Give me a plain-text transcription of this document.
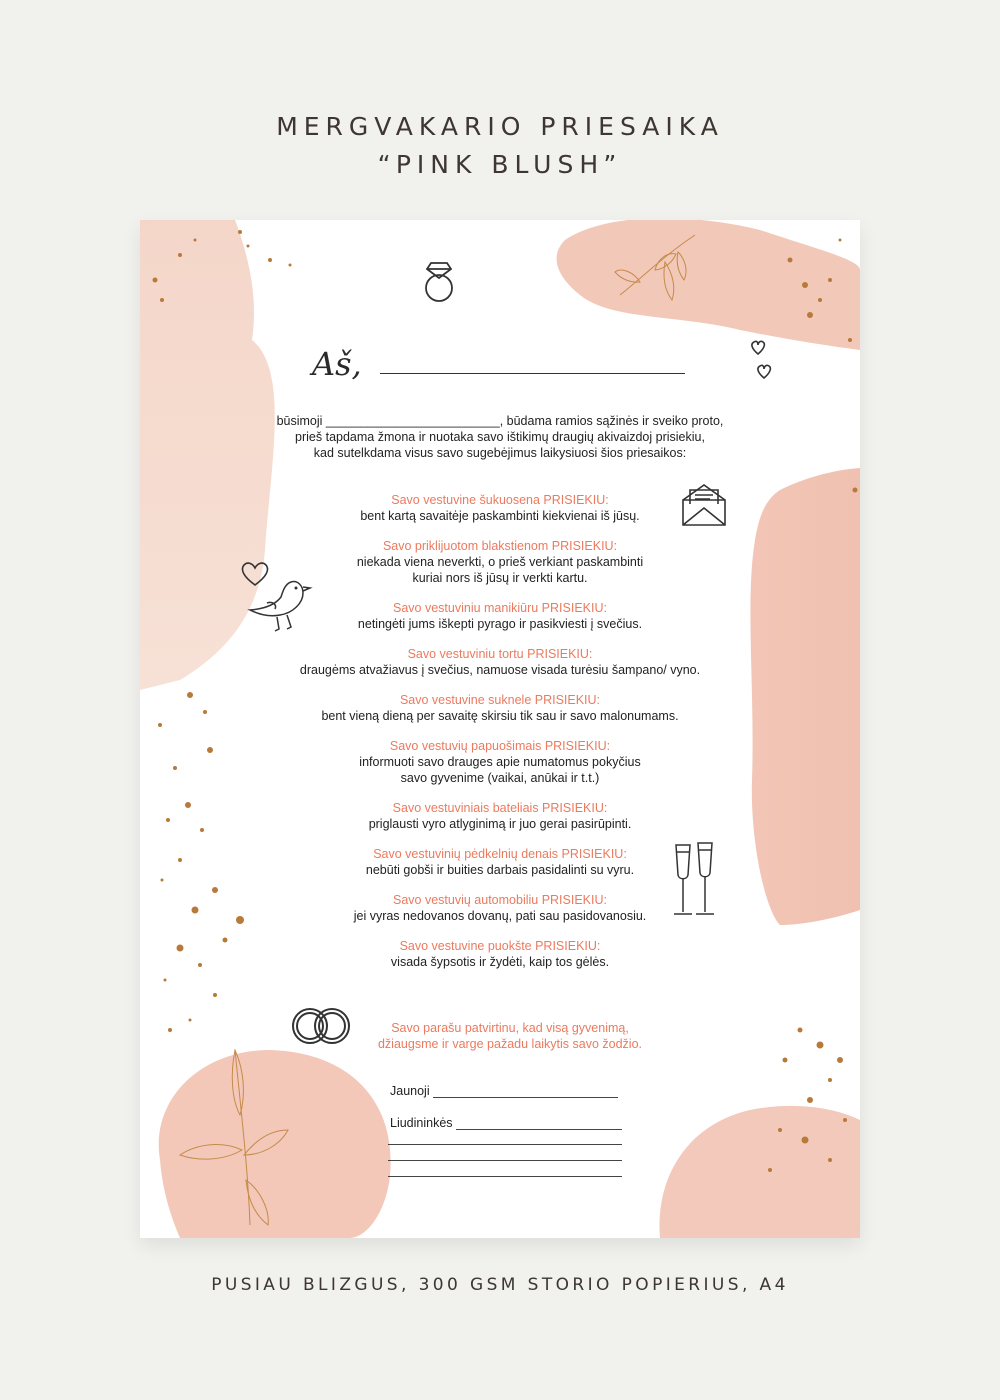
MERGVAKARIO PRIESAIKA
“PINK BLUSH”
Aš,
būsimoji _________________________, būdama ramios sąžinės ir sveiko proto,
prieš tapdama žmona ir nuotaka savo ištikimų draugių akivaizdoj prisiekiu,
kad sutelkdama visus savo sugebėjimus laikysiuosi šios priesaikos:
Savo vestuvine šukuosena PRISIEKIU:
bent kartą savaitėje paskambinti kiekvienai iš jūsų.
Savo priklijuotom blakstienom PRISIEKIU:
niekada viena neverkti, o prieš verkiant paskambinti
kuriai nors iš jūsų ir verkti kartu.
Savo vestuviniu manikiūru PRISIEKIU:
netingėti jums iškepti pyrago ir pasikviesti į svečius.
Savo vestuviniu tortu PRISIEKIU:
draugėms atvažiavus į svečius, namuose visada turėsiu šampano/ vyno.
Savo vestuvine suknele PRISIEKIU:
bent vieną dieną per savaitę skirsiu tik sau ir savo malonumams.
Savo vestuvių papuošimais PRISIEKIU:
informuoti savo drauges apie numatomus pokyčius
savo gyvenime (vaikai, anūkai ir t.t.)
Savo vestuviniais bateliais PRISIEKIU:
priglausti vyro atlyginimą ir juo gerai pasirūpinti.
Savo vestuvinių pėdkelnių denais PRISIEKIU:
nebūti gobši ir buities darbais pasidalinti su vyru.
Savo vestuvių automobiliu PRISIEKIU:
jei vyras nedovanos dovanų, pati sau pasidovanosiu.
Savo vestuvine puokšte PRISIEKIU:
visada šypsotis ir žydėti, kaip tos gėlės.
Savo parašu patvirtinu, kad visą gyvenimą,
džiaugsme ir varge pažadu laikytis savo žodžio.
Jaunoji
Liudininkės
PUSIAU BLIZGUS, 300 GSM STORIO POPIERIUS, A4
